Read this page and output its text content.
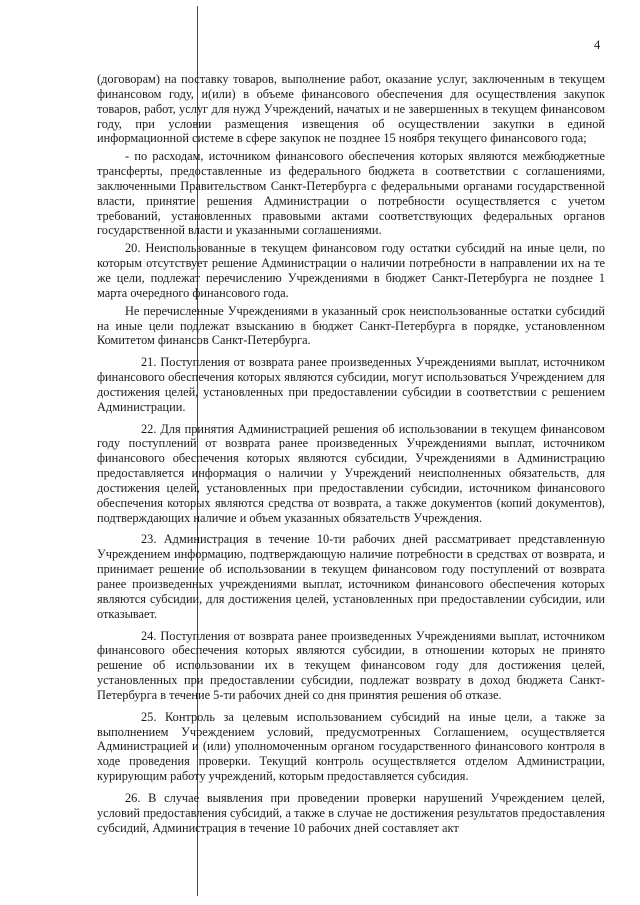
4

(договорам) на поставку товаров, выполнение работ, оказание услуг, заключенным в текущем финансовом году, и(или) в объеме финансового обеспечения для осуществления закупок товаров, работ, услуг для нужд Учреждений, начатых и не завершенных в текущем финансовом году, при условии размещения извещения об осуществлении закупки в единой информационной системе в сфере закупок не позднее 15 ноября текущего финансового года;

- по расходам, источником финансового обеспечения которых являются межбюджетные трансферты, предоставленные из федерального бюджета в соответствии с соглашениями, заключенными Правительством Санкт-Петербурга с федеральными органами государственной власти, принятие решения Администрации о потребности осуществляется с учетом требований, установленных правовыми актами соответствующих федеральных органов государственной власти и указанными соглашениями.

20. Неиспользованные в текущем финансовом году остатки субсидий на иные цели, по которым отсутствует решение Администрации о наличии потребности в направлении их на те же цели, подлежат перечислению Учреждениями в бюджет Санкт-Петербурга не позднее 1 марта очередного финансового года.

Не перечисленные Учреждениями в указанный срок неиспользованные остатки субсидий на иные цели подлежат взысканию в бюджет Санкт-Петербурга в порядке, установленном Комитетом финансов Санкт-Петербурга.

21. Поступления от возврата ранее произведенных Учреждениями выплат, источником финансового обеспечения которых являются субсидии, могут использоваться Учреждением для достижения целей, установленных при предоставлении субсидии в соответствии с решением Администрации.

22. Для принятия Администрацией решения об использовании в текущем финансовом году поступлений от возврата ранее произведенных Учреждениями выплат, источником финансового обеспечения которых являются субсидии, Учреждениями в Администрацию предоставляется информация о наличии у Учреждений неисполненных обязательств, для достижения целей, установленных при предоставлении субсидии, источником финансового обеспечения которых являются средства от возврата, а также документов (копий документов), подтверждающих наличие и объем указанных обязательств Учреждения.

23. Администрация в течение 10-ти рабочих дней рассматривает представленную Учреждением информацию, подтверждающую наличие потребности в средствах от возврата, и принимает решение об использовании в текущем финансовом году поступлений от возврата ранее произведенных учреждениями выплат, источником финансового обеспечения которых являются субсидии, для достижения целей, установленных при предоставлении субсидии, или отказывает.

24. Поступления от возврата ранее произведенных Учреждениями выплат, источником финансового обеспечения которых являются субсидии, в отношении которых не принято решение об использовании их в текущем финансовом году для достижения целей, установленных при предоставлении субсидии, подлежат возврату в доход бюджета Санкт-Петербурга в течение 5-ти рабочих дней со дня принятия решения об отказе.

25. Контроль за целевым использованием субсидий на иные цели, а также за выполнением Учреждением условий, предусмотренных Соглашением, осуществляется Администрацией и (или) уполномоченным органом государственного финансового контроля в ходе проведения проверки. Текущий контроль осуществляется отделом Администрации, курирующим работу учреждений, которым предоставляется субсидия.

26. В случае выявления при проведении проверки нарушений Учреждением целей, условий предоставления субсидий, а также в случае не достижения результатов предоставления субсидий, Администрация в течение 10 рабочих дней составляет акт
